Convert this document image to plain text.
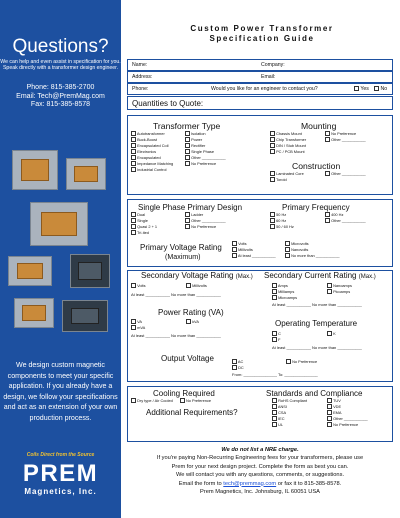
Questions?
We can help and even assist in specification for you. Speak directly with a transformer design engineer.
Phone: 815-385-2700
Email: Tech@PremMag.com
Fax: 815-385-8578
We design custom magnetic components to meet your specific application. If you already have a design, we follow your specifications and act as an extension of your own production process.
Coils Direct from the Source
PREM
Magnetics, Inc.
Custom Power Transformer
Specification Guide
Name:	Company:
Address:	Email:
Phone:	Would you like for an engineer to contact you?	Yes	No
Quantities to Quote:
Transformer Type
Autotransformer
Buck-Boost
Encapsulated Coil
Electronics
Encapsulated
Impedance Matching
Industrial Control
Isolation
Power
Rectifier
Single Phase
Other ___________
No Preference
Mounting
Chassis Mount
Chip Transformer
DIN / Stub Mount
PC / PCB Mount
No Preference
Other ___________
Construction
Laminated Core
Toroid
Other ___________
Single Phase Primary Design
Dual
Single
Quasi 2 + 1
Tri-tied
Ladder
Other ___________
No Preference
Primary Frequency
50 Hz
60 Hz
50 / 60 Hz
400 Hz
Other ___________
Primary Voltage Rating
(Maximum)
Volts
Millivolts
At least ___________
Microvolts
Nanovolts
No more than ___________
Secondary Voltage Rating (Max.)
Volts	Millivolts
At least ___________ No more than ___________
Secondary Current Rating (Max.)
Amps
Milliamps
Microamps
Nanoamps
Picoamps
At least ___________ No more than ___________
Power Rating (VA)
VA
mVA
kVA
At least ___________ No more than ___________
Operating Temperature
C
F
K
At least ___________ No more than ___________
Output Voltage	AC
DC
No Preference
From: _______________ To: _______________
Cooling Required
Dry type / Air Cooled	No Preference
Additional Requirements?
Standards and Compliance
RoHS Compliant
ANSI
CSA
IEC
UL
TUV
VDE
EMA
Other ___________
No Preference
We do not list a NRE charge.
If you're paying Non-Recurring Engineering fees for your transformers, please use
Prem for your next design project. Complete the form as best you can.
We will contact you with any questions, comments, or suggestions.
Email the form to tech@premmag.com or fax it to 815-385-8578.
Prem Magnetics, Inc. Johnsburg, IL 60051 USA
